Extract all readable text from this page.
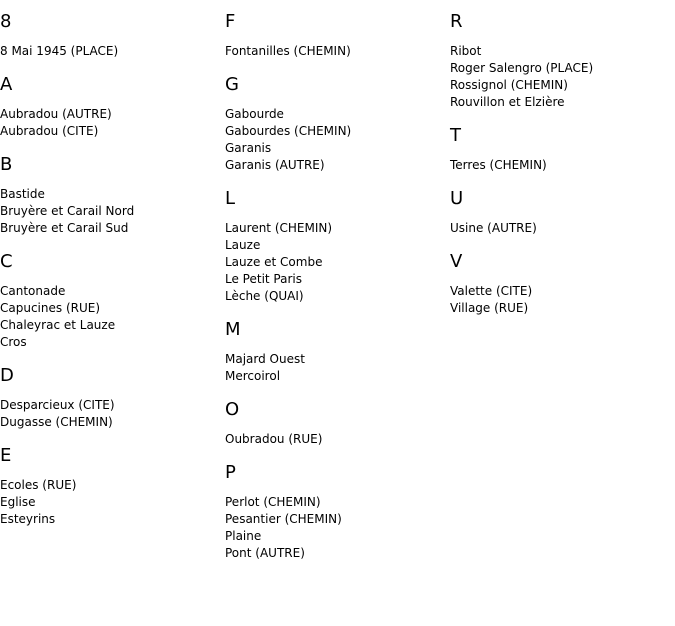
8
8 Mai 1945 (PLACE)
A
Aubradou (AUTRE)
Aubradou (CITE)
B
Bastide
Bruyère et Carail Nord
Bruyère et Carail Sud
C
Cantonade
Capucines (RUE)
Chaleyrac et Lauze
Cros
D
Desparcieux (CITE)
Dugasse (CHEMIN)
E
Ecoles (RUE)
Eglise
Esteyrins
F
Fontanilles (CHEMIN)
G
Gabourde
Gabourdes (CHEMIN)
Garanis
Garanis (AUTRE)
L
Laurent (CHEMIN)
Lauze
Lauze et Combe
Le Petit Paris
Lèche (QUAI)
M
Majard Ouest
Mercoirol
O
Oubradou (RUE)
P
Perlot (CHEMIN)
Pesantier (CHEMIN)
Plaine
Pont (AUTRE)
R
Ribot
Roger Salengro (PLACE)
Rossignol (CHEMIN)
Rouvillon et Elzière
T
Terres (CHEMIN)
U
Usine (AUTRE)
V
Valette (CITE)
Village (RUE)
